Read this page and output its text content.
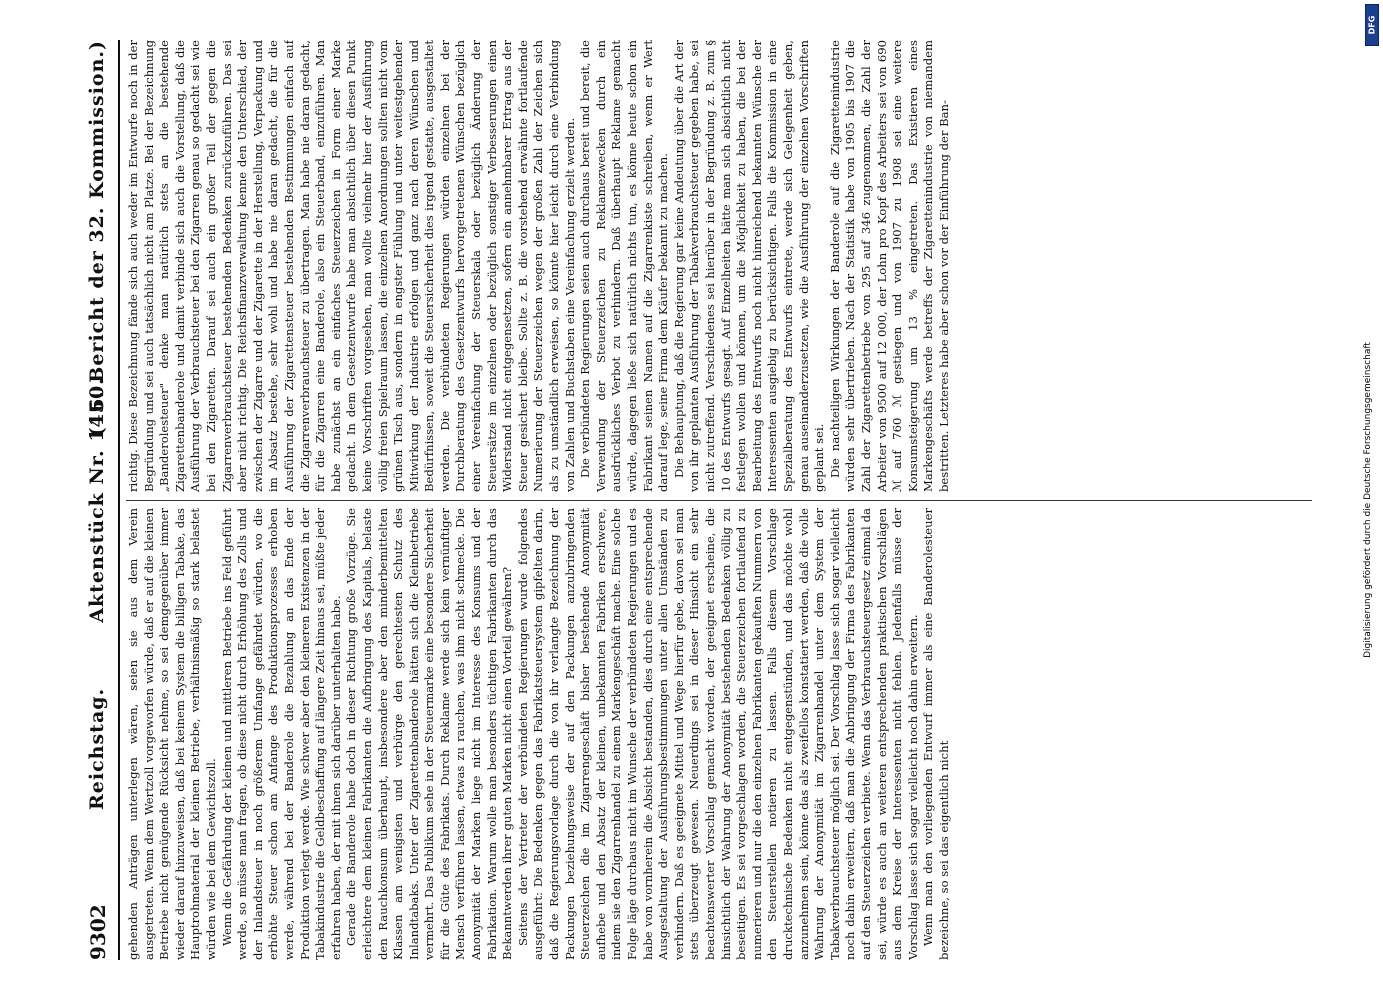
DFG
Digitalisierung gefördert durch die Deutsche Forschungsgemeinschaft
9302
Reichstag.
Aktenstück Nr. 1450.
(16. Bericht der 32. Kommission.)

gehenden Anträgen unterlegen wären, seien sie aus dem Verein ausgetreten. Wenn dem Wertzoll vorgeworfen würde, daß er auf die kleinen Betriebe nicht genügende Rücksicht nehme, so sei demgegenüber immer wieder darauf hinzuweisen, daß bei keinem System die billigen Tabake, das Hauptrohmaterial der kleinen Betriebe, verhältnismäßig so stark belastet würden wie bei dem Gewichtszoll. Wenn die Gefährdung der kleinen und mittleren Betriebe ins Feld geführt werde, so müsse man fragen, ob diese nicht durch Erhöhung des Zolls und der Inlandsteuer in noch größerem Umfange gefährdet würden, wo die erhöhte Steuer schon am Anfange des Produktionsprozesses erhoben werde, während bei der Banderole die Bezahlung an das Ende der Produktion verlegt werde. Wie schwer aber den kleineren Existenzen in der Tabakindustrie die Geldbeschaffung auf längere Zeit hinaus sei, müßte jeder erfahren haben, der mit ihnen sich darüber unterhalten habe. Gerade die Banderole habe doch in dieser Richtung große Vorzüge. Sie erleichtere dem kleinen Fabrikanten die Aufbringung des Kapitals, belaste den Rauchkonsum überhaupt, insbesondere aber den minderbemittelten Klassen am wenigsten und verbürge den gerechtesten Schutz des Inlandtabaks. Unter der Zigarettenbanderole hätten sich die Kleinbetriebe vermehrt. Das Publikum sehe in der Steuermarke eine besondere Sicherheit für die Güte des Fabrikats. Durch Reklame werde sich kein vernünftiger Mensch verführen lassen, etwas zu rauchen, was ihm nicht schmecke. Die Anonymität der Marken liege nicht im Interesse des Konsums und der Fabrikation. Warum wolle man besonders tüchtigen Fabrikanten durch das Bekanntwerden ihrer guten Marken nicht einen Vorteil gewähren? Seitens der Vertreter der verbündeten Regierungen wurde folgendes ausgeführt: Die Bedenken gegen das Fabrikatsteuersystem gipfelten darin, daß die Regierungsvorlage durch die von ihr verlangte Bezeichnung der Packungen beziehungsweise der auf den Packungen anzubringenden Steuerzeichen die im Zigarrengeschäft bisher bestehende Anonymität aufhebe und den Absatz der kleinen, unbekannten Fabriken erschwere, indem sie den Zigarrenhandel zu einem Markengeschäft mache. Eine solche Folge läge durchaus nicht im Wunsche der verbündeten Regierungen und es habe von vornherein die Absicht bestanden, dies durch eine entsprechende Ausgestaltung der Ausführungsbestimmungen unter allen Umständen zu verhindern. Daß es geeignete Mittel und Wege hierfür gebe, davon sei man stets überzeugt gewesen. Neuerdings sei in dieser Hinsicht ein sehr beachtenswerter Vorschlag gemacht worden, der geeignet erscheine, die hinsichtlich der Wahrung der Anonymität bestehenden Bedenken völlig zu beseitigen. Es sei vorgeschlagen worden, die Steuerzeichen fortlaufend zu numerieren und nur die den einzelnen Fabrikanten gekauften Nummern von den Steuerstellen notieren zu lassen. Falls diesem Vorschlage drucktechnische Bedenken nicht entgegenstünden, und das möchte wohl anzunehmen sein, könne das als zweifellos konstatiert werden, daß die volle Wahrung der Anonymität im Zigarrenhandel unter dem System der Tabakverbrauchsteuer möglich sei. Der Vorschlag lasse sich sogar vielleicht noch dahin erweitern, daß man die Anbringung der Firma des Fabrikanten auf den Steuerzeichen verbiete. Wenn das Verbrauchsteuergesetz einmal da sei, würde es auch an weiteren entsprechenden praktischen Vorschlägen aus dem Kreise der Interessenten nicht fehlen. Jedenfalls müsse der Vorschlag lasse sich sogar vielleicht noch dahin erweitern. Wenn man den vorliegenden Entwurf immer als eine Banderolesteuer bezeichne, so sei das eigentlich nicht

richtig. Diese Bezeichnung fände sich auch weder im Entwurfe noch in der Begründung und sei auch tatsächlich nicht am Platze. Bei der Bezeichnung „Banderolesteuer" denke man natürlich stets an die bestehende Zigarettenbanderole und damit verbinde sich auch die Vorstellung, daß die Ausführung der Verbrauchsteuer bei den Zigarren genau so gedacht sei wie bei den Zigaretten. Darauf sei auch ein großer Teil der gegen die Zigarrenverbrauchsteuer bestehenden Bedenken zurückzuführen. Das sei aber nicht richtig. Die Reichsfinanzverwaltung kenne den Unterschied, der zwischen der Zigarre und der Zigarette in der Herstellung, Verpackung und im Absatz bestehe, sehr wohl und habe nie daran gedacht, die für die Ausführung der Zigarettensteuer bestehenden Bestimmungen einfach auf die Zigarrenverbrauchsteuer zu übertragen. Man habe nie daran gedacht, für die Zigarren eine Banderole, also ein Steuerband, einzuführen. Man habe zunächst an ein einfaches Steuerzeichen in Form einer Marke gedacht. In dem Gesetzentwurfe habe man absichtlich über diesen Punkt keine Vorschriften vorgesehen, man wollte vielmehr hier der Ausführung völlig freien Spielraum lassen, die einzelnen Anordnungen sollten nicht vom grünen Tisch aus, sondern in engster Fühlung und unter weitestgehender Mitwirkung der Industrie erfolgen und ganz nach deren Wünschen und Bedürfnissen, soweit die Steuersicherheit dies irgend gestatte, ausgestaltet werden. Die verbündeten Regierungen würden einzelnen bei der Durchberatung des Gesetzentwurfs hervorgetretenen Wünschen bezüglich einer Vereinfachung der Steuerskala oder bezüglich Änderung der Steuersätze im einzelnen oder bezüglich sonstiger Verbesserungen einen Widerstand nicht entgegensetzen, sofern ein annehmbarer Ertrag aus der Steuer gesichert bleibe. Sollte z. B. die vorstehend erwähnte fortlaufende Numerierung der Steuerzeichen wegen der großen Zahl der Zeichen sich als zu umständlich erweisen, so könnte hier leicht durch eine Verbindung von Zahlen und Buchstaben eine Vereinfachung erzielt werden. Die verbündeten Regierungen seien auch durchaus bereit und bereit, die Verwendung der Steuerzeichen zu Reklamezwecken durch ein ausdrückliches Verbot zu verhindern. Daß überhaupt Reklame gemacht würde, dagegen ließe sich natürlich nichts tun, es könne heute schon ein Fabrikant seinen Namen auf die Zigarrenkiste schreiben, wenn er Wert darauf lege, seine Firma dem Käufer bekannt zu machen. Die Behauptung, daß die Regierung gar keine Andeutung über die Art der von ihr geplanten Ausführung der Tabakverbrauchsteuer gegeben habe, sei nicht zutreffend. Verschiedenes sei hierüber in der Begründung z. B. zum § 10 des Entwurfs gesagt. Auf Einzelheiten hätte man sich absichtlich nicht festlegen wollen und können, um die Möglichkeit zu haben, die bei der Bearbeitung des Entwurfs noch nicht hinreichend bekannten Wünsche der Interessenten ausgiebig zu berücksichtigen. Falls die Kommission in eine Spezialberatung des Entwurfs eintrete, werde sich Gelegenheit geben, genau auseinanderzusetzen, wie die Ausführung der einzelnen Vorschriften geplant sei. Die nachteiligen Wirkungen der Banderole auf die Zigarettenindustrie würden sehr übertrieben. Nach der Statistik habe von 1905 bis 1907 die Zahl der Zigarettenbetriebe von 295 auf 346 zugenommen, die Zahl der Arbeiter von 9500 auf 12 000, der Lohn pro Kopf des Arbeiters sei von 690 ℳ auf 760 ℳ gestiegen und von 1907 zu 1908 sei eine weitere Konsumsteigerung um 13 % eingetreten. Das Existieren eines Markengeschäfts werde betreffs der Zigarettenindustrie von niemandem bestritten. Letzteres habe aber schon vor der Einführung der Ban-
